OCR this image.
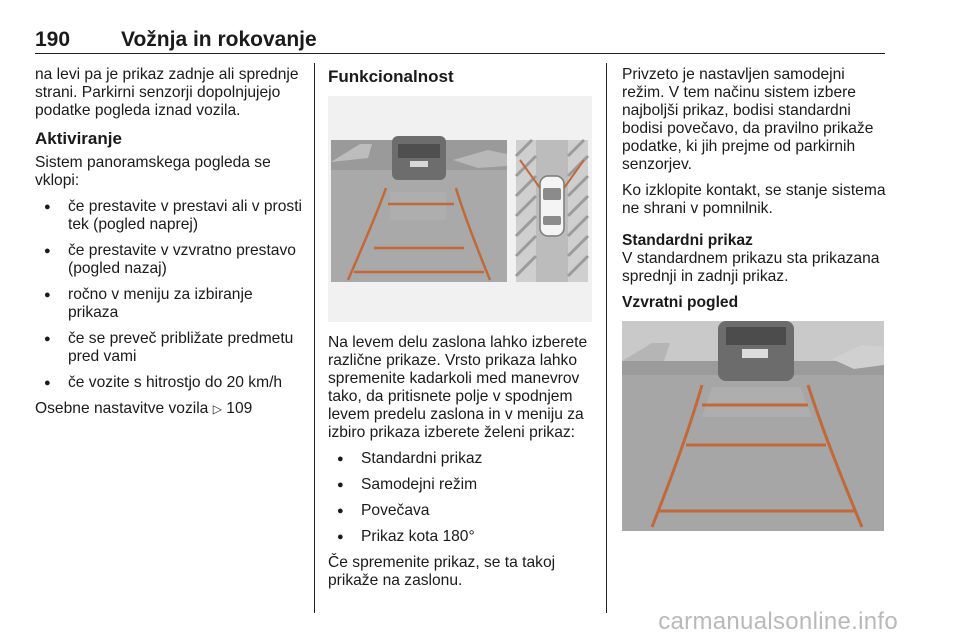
190 Vožnja in rokovanje

na levi pa je prikaz zadnje ali sprednje strani. Parkirni senzorji dopolnjujejo podatke pogleda iznad vozila.

Aktiviranje

Sistem panoramskega pogleda se vklopi:

● če prestavite v prestavi ali v prosti tek (pogled naprej)
● če prestavite v vzvratno prestavo (pogled nazaj)
● ročno v meniju za izbiranje prikaza
● če se preveč približate predmetu pred vami
● če vozite s hitrostjo do 20 km/h

Osebne nastavitve vozila ▷ 109

Funkcionalnost

Na levem delu zaslona lahko izberete različne prikaze. Vrsto prikaza lahko spremenite kadarkoli med manevrov tako, da pritisnete polje v spodnjem levem predelu zaslona in v meniju za izbiro prikaza izberete želeni prikaz:

● Standardni prikaz
● Samodejni režim
● Povečava
● Prikaz kota 180°

Če spremenite prikaz, se ta takoj prikaže na zaslonu.

Privzeto je nastavljen samodejni režim. V tem načinu sistem izbere najboljši prikaz, bodisi standardni bodisi povečavo, da pravilno prikaže podatke, ki jih prejme od parkirnih senzorjev.

Ko izklopite kontakt, se stanje sistema ne shrani v pomnilnik.

Standardni prikaz

V standardnem prikazu sta prikazana sprednji in zadnji prikaz.

Vzvratni pogled
carmanualsonline.info
